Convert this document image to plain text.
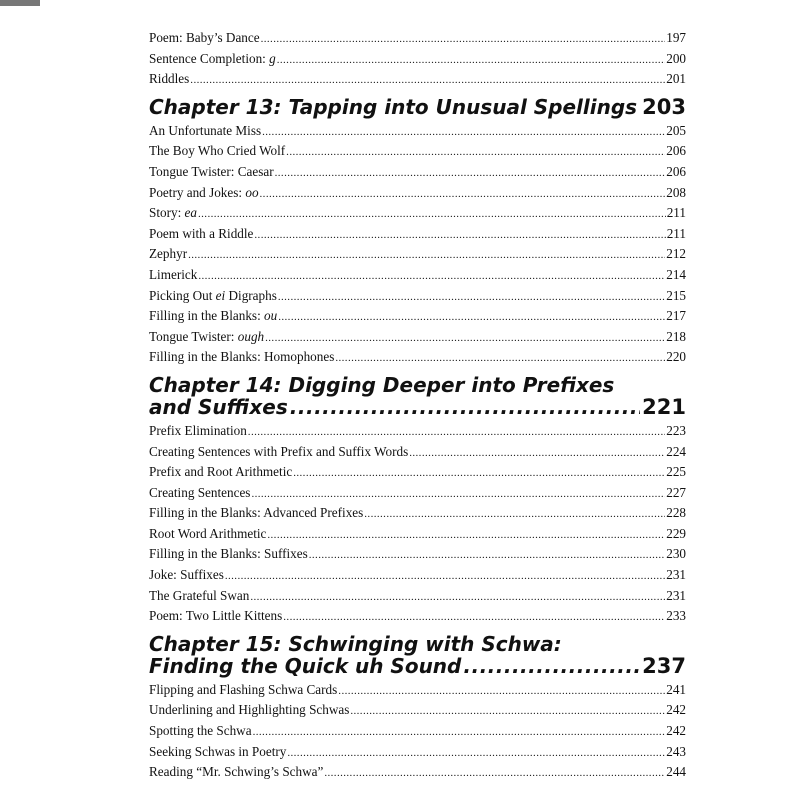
Poem: Baby’s Dance .....	197
Sentence Completion: g .....	200
Riddles .....	201
Chapter 13: Tapping into Unusual Spellings ..... 203
An Unfortunate Miss .....	205
The Boy Who Cried Wolf .....	206
Tongue Twister: Caesar .....	206
Poetry and Jokes: oo .....	208
Story: ea .....	211
Poem with a Riddle .....	211
Zephyr .....	212
Limerick .....	214
Picking Out ei Digraphs .....	215
Filling in the Blanks: ou .....	217
Tongue Twister: ough .....	218
Filling in the Blanks: Homophones .....	220
Chapter 14: Digging Deeper into Prefixes
and Suffixes .....	221
Prefix Elimination .....	223
Creating Sentences with Prefix and Suffix Words .....	224
Prefix and Root Arithmetic .....	225
Creating Sentences .....	227
Filling in the Blanks: Advanced Prefixes .....	228
Root Word Arithmetic .....	229
Filling in the Blanks: Suffixes .....	230
Joke: Suffixes .....	231
The Grateful Swan .....	231
Poem: Two Little Kittens .....	233
Chapter 15: Schwinging with Schwa:
Finding the Quick uh Sound .....	237
Flipping and Flashing Schwa Cards .....	241
Underlining and Highlighting Schwas .....	242
Spotting the Schwa .....	242
Seeking Schwas in Poetry .....	243
Reading “Mr. Schwing’s Schwa” .....	244
